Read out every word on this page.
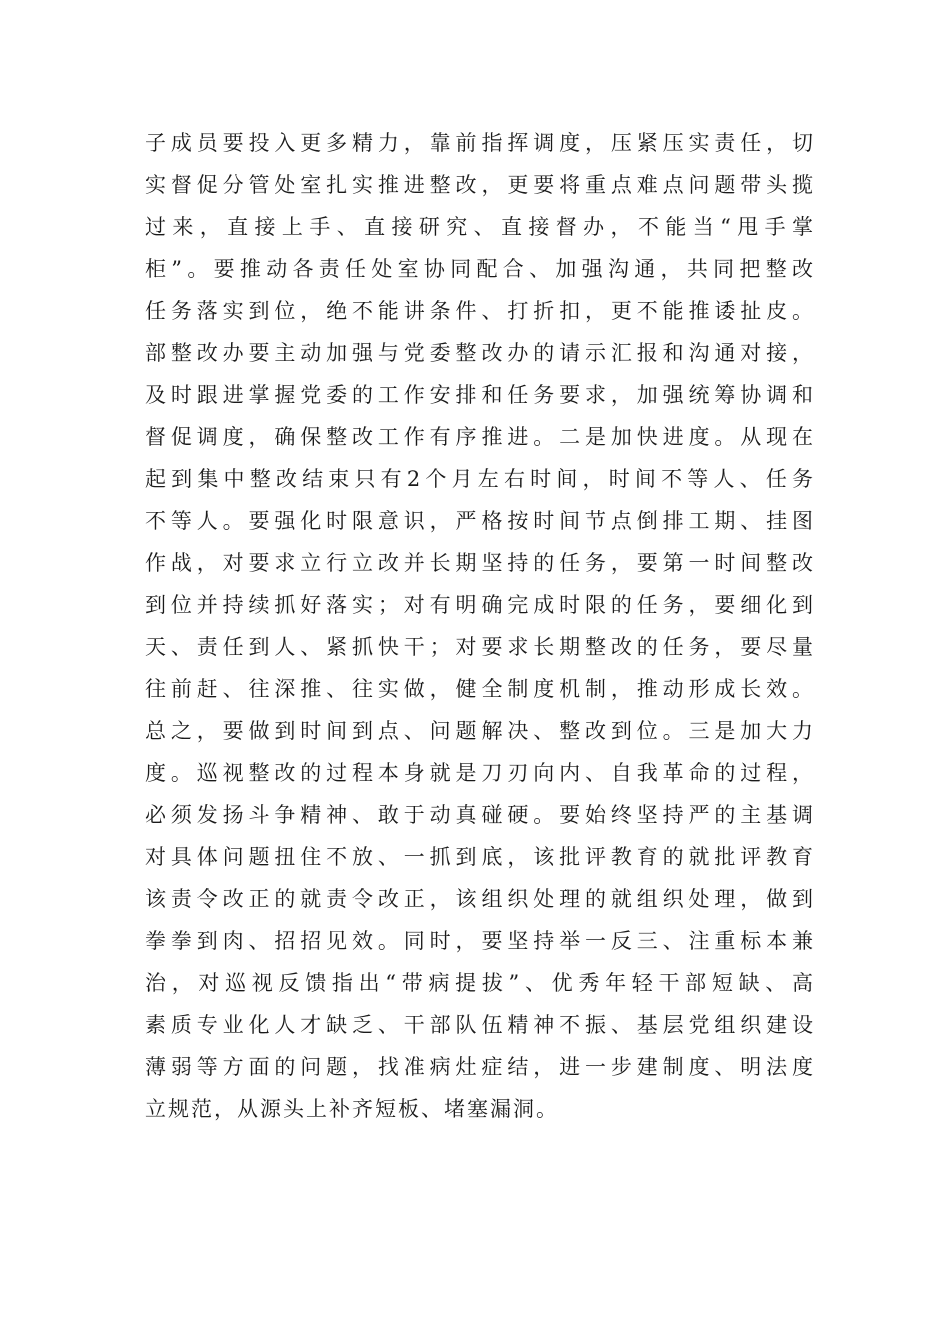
子成员要投入更多精力，靠前指挥调度，压紧压实责任，切
实督促分管处室扎实推进整改，更要将重点难点问题带头揽
过来，直接上手、直接研究、直接督办，不能当“甩手掌
柜”。要推动各责任处室协同配合、加强沟通，共同把整改
任务落实到位，绝不能讲条件、打折扣，更不能推诿扯皮。
部整改办要主动加强与党委整改办的请示汇报和沟通对接，
及时跟进掌握党委的工作安排和任务要求，加强统筹协调和
督促调度，确保整改工作有序推进。二是加快进度。从现在
起到集中整改结束只有2个月左右时间，时间不等人、任务
不等人。要强化时限意识，严格按时间节点倒排工期、挂图
作战，对要求立行立改并长期坚持的任务，要第一时间整改
到位并持续抓好落实；对有明确完成时限的任务，要细化到
天、责任到人、紧抓快干；对要求长期整改的任务，要尽量
往前赶、往深推、往实做，健全制度机制，推动形成长效。
总之，要做到时间到点、问题解决、整改到位。三是加大力
度。巡视整改的过程本身就是刀刃向内、自我革命的过程，
必须发扬斗争精神、敢于动真碰硬。要始终坚持严的主基调
对具体问题扭住不放、一抓到底，该批评教育的就批评教育
该责令改正的就责令改正，该组织处理的就组织处理，做到
拳拳到肉、招招见效。同时，要坚持举一反三、注重标本兼
治，对巡视反馈指出“带病提拔”、优秀年轻干部短缺、高
素质专业化人才缺乏、干部队伍精神不振、基层党组织建设
薄弱等方面的问题，找准病灶症结，进一步建制度、明法度
立规范，从源头上补齐短板、堵塞漏洞。
